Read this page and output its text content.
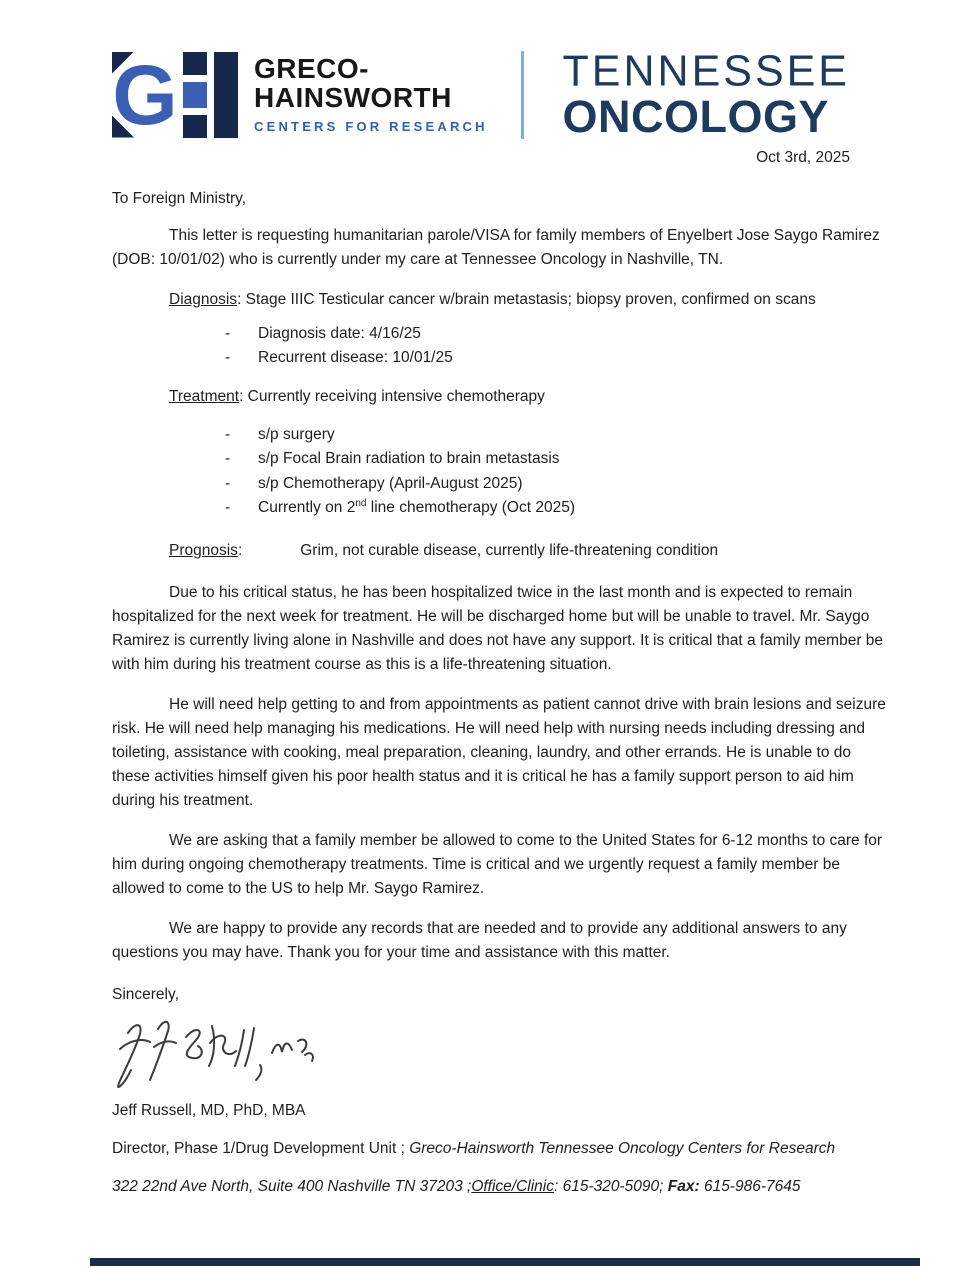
G	GRECO-
HAINSWORTH
CENTERS FOR RESEARCH
TENNESSEE
ONCOLOGY
Oct 3rd, 2025
To Foreign Ministry,

This letter is requesting humanitarian parole/VISA for family members of Enyelbert Jose Saygo Ramirez (DOB: 10/01/02) who is currently under my care at Tennessee Oncology in Nashville, TN.

Diagnosis: Stage IIIC Testicular cancer w/brain metastasis; biopsy proven, confirmed on scans
-	Diagnosis date: 4/16/25
-	Recurrent disease: 10/01/25
Treatment: Currently receiving intensive chemotherapy
-	s/p surgery
-	s/p Focal Brain radiation to brain metastasis
-	s/p Chemotherapy (April-August 2025)
-	Currently on 2nd line chemotherapy (Oct 2025)
Prognosis:	Grim, not curable disease, currently life-threatening condition

Due to his critical status, he has been hospitalized twice in the last month and is expected to remain hospitalized for the next week for treatment. He will be discharged home but will be unable to travel. Mr. Saygo Ramirez is currently living alone in Nashville and does not have any support. It is critical that a family member be with him during his treatment course as this is a life-threatening situation.

He will need help getting to and from appointments as patient cannot drive with brain lesions and seizure risk. He will need help managing his medications. He will need help with nursing needs including dressing and toileting, assistance with cooking, meal preparation, cleaning, laundry, and other errands. He is unable to do these activities himself given his poor health status and it is critical he has a family support person to aid him during his treatment.

We are asking that a family member be allowed to come to the United States for 6-12 months to care for him during ongoing chemotherapy treatments. Time is critical and we urgently request a family member be allowed to come to the US to help Mr. Saygo Ramirez.

We are happy to provide any records that are needed and to provide any additional answers to any questions you may have. Thank you for your time and assistance with this matter.

Sincerely,
Jeff Russell, MD, PhD, MBA
Director, Phase 1/Drug Development Unit ; Greco-Hainsworth Tennessee Oncology Centers for Research
322 22nd Ave North, Suite 400 Nashville TN 37203 ;Office/Clinic: 615-320-5090; Fax: 615-986-7645
